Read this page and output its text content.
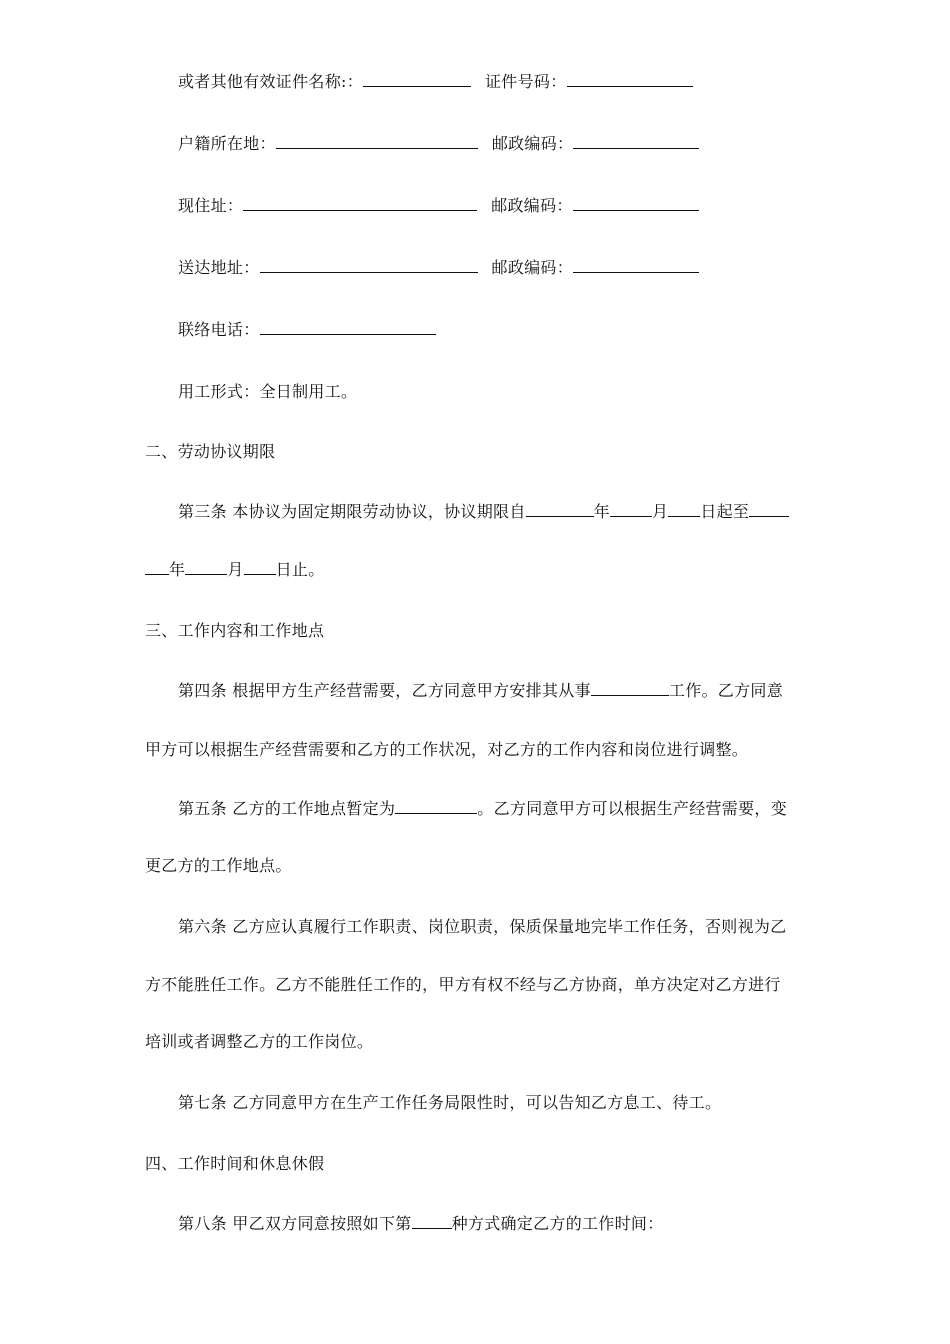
或者其他有效证件名称:：	证件号码：
户籍所在地：	邮政编码：
现住址：	邮政编码：
送达地址：	邮政编码：
联络电话：
用工形式：全日制用工。
二、劳动协议期限
第三条 本协议为固定期限劳动协议，协议期限自	年	月 日起至
年	月 日止。
三、工作内容和工作地点
第四条 根据甲方生产经营需要，乙方同意甲方安排其从事	工作。乙方同意
甲方可以根据生产经营需要和乙方的工作状况，对乙方的工作内容和岗位进行调整。
第五条 乙方的工作地点暂定为	。乙方同意甲方可以根据生产经营需要，变
更乙方的工作地点。
第六条 乙方应认真履行工作职责、岗位职责，保质保量地完毕工作任务，否则视为乙
方不能胜任工作。乙方不能胜任工作的，甲方有权不经与乙方协商，单方决定对乙方进行
培训或者调整乙方的工作岗位。
第七条 乙方同意甲方在生产工作任务局限性时，可以告知乙方息工、待工。
四、工作时间和休息休假
第八条 甲乙双方同意按照如下第	种方式确定乙方的工作时间：
